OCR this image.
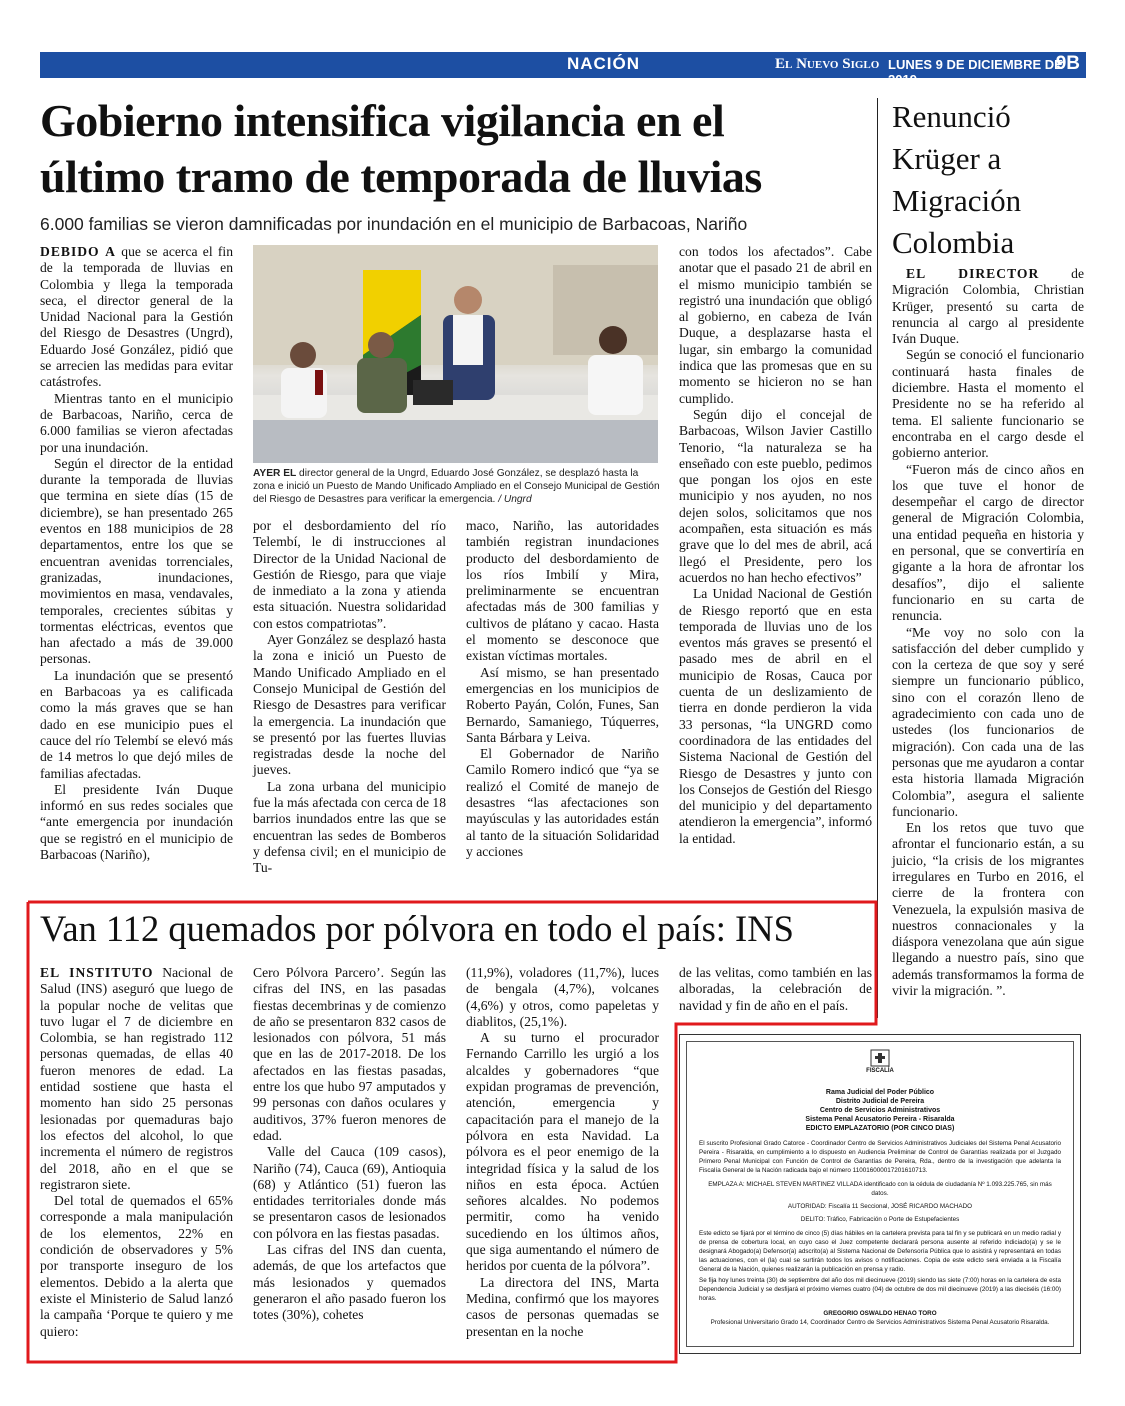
NACIÓN	El Nuevo Siglo LUNES 9 DE DICIEMBRE DE 2019
9B
Gobierno intensifica vigilancia en el
último tramo de temporada de lluvias
6.000 familias se vieron damnificadas por inundación en el municipio de Barbacoas, Nariño

DEBIDO A que se acerca el fin de la temporada de lluvias en Colombia y llega la temporada seca, el director general de la Unidad Nacional para la Gestión del Riesgo de Desastres (Ungrd), Eduardo José González, pidió que se arrecien las medidas para evitar catástrofes.

Mientras tanto en el municipio de Barbacoas, Nariño, cerca de 6.000 familias se vieron afectadas por una inundación.

Según el director de la entidad durante la temporada de lluvias que termina en siete días (15 de diciembre), se han presentado 265 eventos en 188 municipios de 28 departamentos, entre los que se encuentran avenidas torrenciales, granizadas, inundaciones, movimientos en masa, vendavales, temporales, crecientes súbitas y tormentas eléctricas, eventos que han afectado a más de 39.000 personas.

La inundación que se presentó en Barbacoas ya es calificada como la más graves que se han dado en ese municipio pues el cauce del río Telembí se elevó más de 14 metros lo que dejó miles de familias afectadas.

El presidente Iván Duque informó en sus redes sociales que “ante emergencia por inundación que se registró en el municipio de Barbacoas (Nariño),

AYER EL director general de la Ungrd, Eduardo José González, se desplazó hasta la zona e inició un Puesto de Mando Unificado Ampliado en el Consejo Municipal de Gestión del Riesgo de Desastres para verificar la emergencia. / Ungrd

por el desbordamiento del río Telembí, le di instrucciones al Director de la Unidad Nacional de Gestión de Riesgo, para que viaje de inmediato a la zona y atienda esta situación. Nuestra solidaridad con estos compatriotas”.

Ayer González se desplazó hasta la zona e inició un Puesto de Mando Unificado Ampliado en el Consejo Municipal de Gestión del Riesgo de Desastres para verificar la emergencia. La inundación que se presentó por las fuertes lluvias registradas desde la noche del jueves.

La zona urbana del municipio fue la más afectada con cerca de 18 barrios inundados entre las que se encuentran las sedes de Bomberos y defensa civil; en el municipio de Tu-

maco, Nariño, las autoridades también registran inundaciones producto del desbordamiento de los ríos Imbilí y Mira, preliminarmente se encuentran afectadas más de 300 familias y cultivos de plátano y cacao. Hasta el momento se desconoce que existan víctimas mortales.

Así mismo, se han presentado emergencias en los municipios de Roberto Payán, Colón, Funes, San Bernardo, Samaniego, Túquerres, Santa Bárbara y Leiva.

El Gobernador de Nariño Camilo Romero indicó que “ya se realizó el Comité de manejo de desastres “las afectaciones son mayúsculas y las autoridades están al tanto de la situación Solidaridad y acciones

con todos los afectados”. Cabe anotar que el pasado 21 de abril en el mismo municipio también se registró una inundación que obligó al gobierno, en cabeza de Iván Duque, a desplazarse hasta el lugar, sin embargo la comunidad indica que las promesas que en su momento se hicieron no se han cumplido.

Según dijo el concejal de Barbacoas, Wilson Javier Castillo Tenorio, “la naturaleza se ha enseñado con este pueblo, pedimos que pongan los ojos en este municipio y nos ayuden, no nos dejen solos, solicitamos que nos acompañen, esta situación es más grave que lo del mes de abril, acá llegó el Presidente, pero los acuerdos no han hecho efectivos”

La Unidad Nacional de Gestión de Riesgo reportó que en esta temporada de lluvias uno de los eventos más graves se presentó el pasado mes de abril en el municipio de Rosas, Cauca por cuenta de un deslizamiento de tierra en donde perdieron la vida 33 personas, “la UNGRD como coordinadora de las entidades del Sistema Nacional de Gestión del Riesgo de Desastres y junto con los Consejos de Gestión del Riesgo del municipio y del departamento atendieron la emergencia”, informó la entidad.

Renunció Krüger a Migración Colombia

EL DIRECTOR de Migración Colombia, Christian Krüger, presentó su carta de renuncia al cargo al presidente Iván Duque.

Según se conoció el funcionario continuará hasta finales de diciembre. Hasta el momento el Presidente no se ha referido al tema. El saliente funcionario se encontraba en el cargo desde el gobierno anterior.

“Fueron más de cinco años en los que tuve el honor de desempeñar el cargo de director general de Migración Colombia, una entidad pequeña en historia y en personal, que se convertiría en gigante a la hora de afrontar los desafíos”, dijo el saliente funcionario en su carta de renuncia.

“Me voy no solo con la satisfacción del deber cumplido y con la certeza de que soy y seré siempre un funcionario público, sino con el corazón lleno de agradecimiento con cada uno de ustedes (los funcionarios de migración). Con cada una de las personas que me ayudaron a contar esta historia llamada Migración Colombia”, asegura el saliente funcionario.

En los retos que tuvo que afrontar el funcionario están, a su juicio, “la crisis de los migrantes irregulares en Turbo en 2016, el cierre de la frontera con Venezuela, la expulsión masiva de nuestros connacionales y la diáspora venezolana que aún sigue llegando a nuestro país, sino que además transformamos la forma de vivir la migración. ”.

Van 112 quemados por pólvora en todo el país: INS

EL INSTITUTO Nacional de Salud (INS) aseguró que luego de la popular noche de velitas que tuvo lugar el 7 de diciembre en Colombia, se han registrado 112 personas quemadas, de ellas 40 fueron menores de edad. La entidad sostiene que hasta el momento han sido 25 personas lesionadas por quemaduras bajo los efectos del alcohol, lo que incrementa el número de registros del 2018, año en el que se registraron siete.

Del total de quemados el 65% corresponde a mala manipulación de los elementos, 22% en condición de observadores y 5% por transporte inseguro de los elementos. Debido a la alerta que existe el Ministerio de Salud lanzó la campaña ‘Porque te quiero y me quiero:

Cero Pólvora Parcero’. Según las cifras del INS, en las pasadas fiestas decembrinas y de comienzo de año se presentaron 832 casos de lesionados con pólvora, 51 más que en las de 2017-2018. De los afectados en las fiestas pasadas, entre los que hubo 97 amputados y 99 personas con daños oculares y auditivos, 37% fueron menores de edad.

Valle del Cauca (109 casos), Nariño (74), Cauca (69), Antioquia (68) y Atlántico (51) fueron las entidades territoriales donde más se presentaron casos de lesionados con pólvora en las fiestas pasadas.

Las cifras del INS dan cuenta, además, de que los artefactos que más lesionados y quemados generaron el año pasado fueron los totes (30%), cohetes

(11,9%), voladores (11,7%), luces de bengala (4,7%), volcanes (4,6%) y otros, como papeletas y diablitos, (25,1%).

A su turno el procurador Fernando Carrillo les urgió a los alcaldes y gobernadores “que expidan programas de prevención, atención, emergencia y capacitación para el manejo de la pólvora en esta Navidad. La pólvora es el peor enemigo de la integridad física y la salud de los niños en esta época. Actúen señores alcaldes. No podemos permitir, como ha venido sucediendo en los últimos años, que siga aumentando el número de heridos por cuenta de la pólvora”.

La directora del INS, Marta Medina, confirmó que los mayores casos de personas quemadas se presentan en la noche

de las velitas, como también en las alboradas, la celebración de navidad y fin de año en el país.

FISCALÍA
Rama Judicial del Poder Público
Distrito Judicial de Pereira
Centro de Servicios Administrativos
Sistema Penal Acusatorio Pereira - Risaralda
EDICTO EMPLAZATORIO (POR CINCO DIAS)
El suscrito Profesional Grado Catorce - Coordinador Centro de Servicios Administrativos Judiciales del Sistema Penal Acusatorio Pereira - Risaralda, en cumplimiento a lo dispuesto en Audiencia Preliminar de Control de Garantías realizada por el Juzgado Primero Penal Municipal con Función de Control de Garantías de Pereira, Rda., dentro de la investigación que adelanta la Fiscalía General de la Nación radicada bajo el número 110016000017201610713.
EMPLAZA A: MICHAEL STEVEN MARTINEZ VILLADA identificado con la cédula de ciudadanía Nº 1.093.225.765, sin más datos.
AUTORIDAD: Fiscalía 11 Seccional, JOSÉ RICARDO MACHADO
DELITO: Tráfico, Fabricación o Porte de Estupefacientes
Este edicto se fijará por el término de cinco (5) días hábiles en la cartelera prevista para tal fin y se publicará en un medio radial y de prensa de cobertura local, en cuyo caso el Juez competente declarará persona ausente al referido indiciado(a) y se le designará Abogado(a) Defensor(a) adscrito(a) al Sistema Nacional de Defensoría Pública que lo asistirá y representará en todas las actuaciones, con el (la) cual se surtirán todos los avisos o notificaciones. Copia de este edicto será enviada a la Fiscalía General de la Nación, quienes realizarán la publicación en prensa y radio.
Se fija hoy lunes treinta (30) de septiembre del año dos mil diecinueve (2019) siendo las siete (7:00) horas en la cartelera de esta Dependencia Judicial y se desfijará el próximo viernes cuatro (04) de octubre de dos mil diecinueve (2019) a las dieciséis (16:00) horas.
GREGORIO OSWALDO HENAO TORO
Profesional Universitario Grado 14, Coordinador Centro de Servicios Administrativos Sistema Penal Acusatorio Risaralda.
